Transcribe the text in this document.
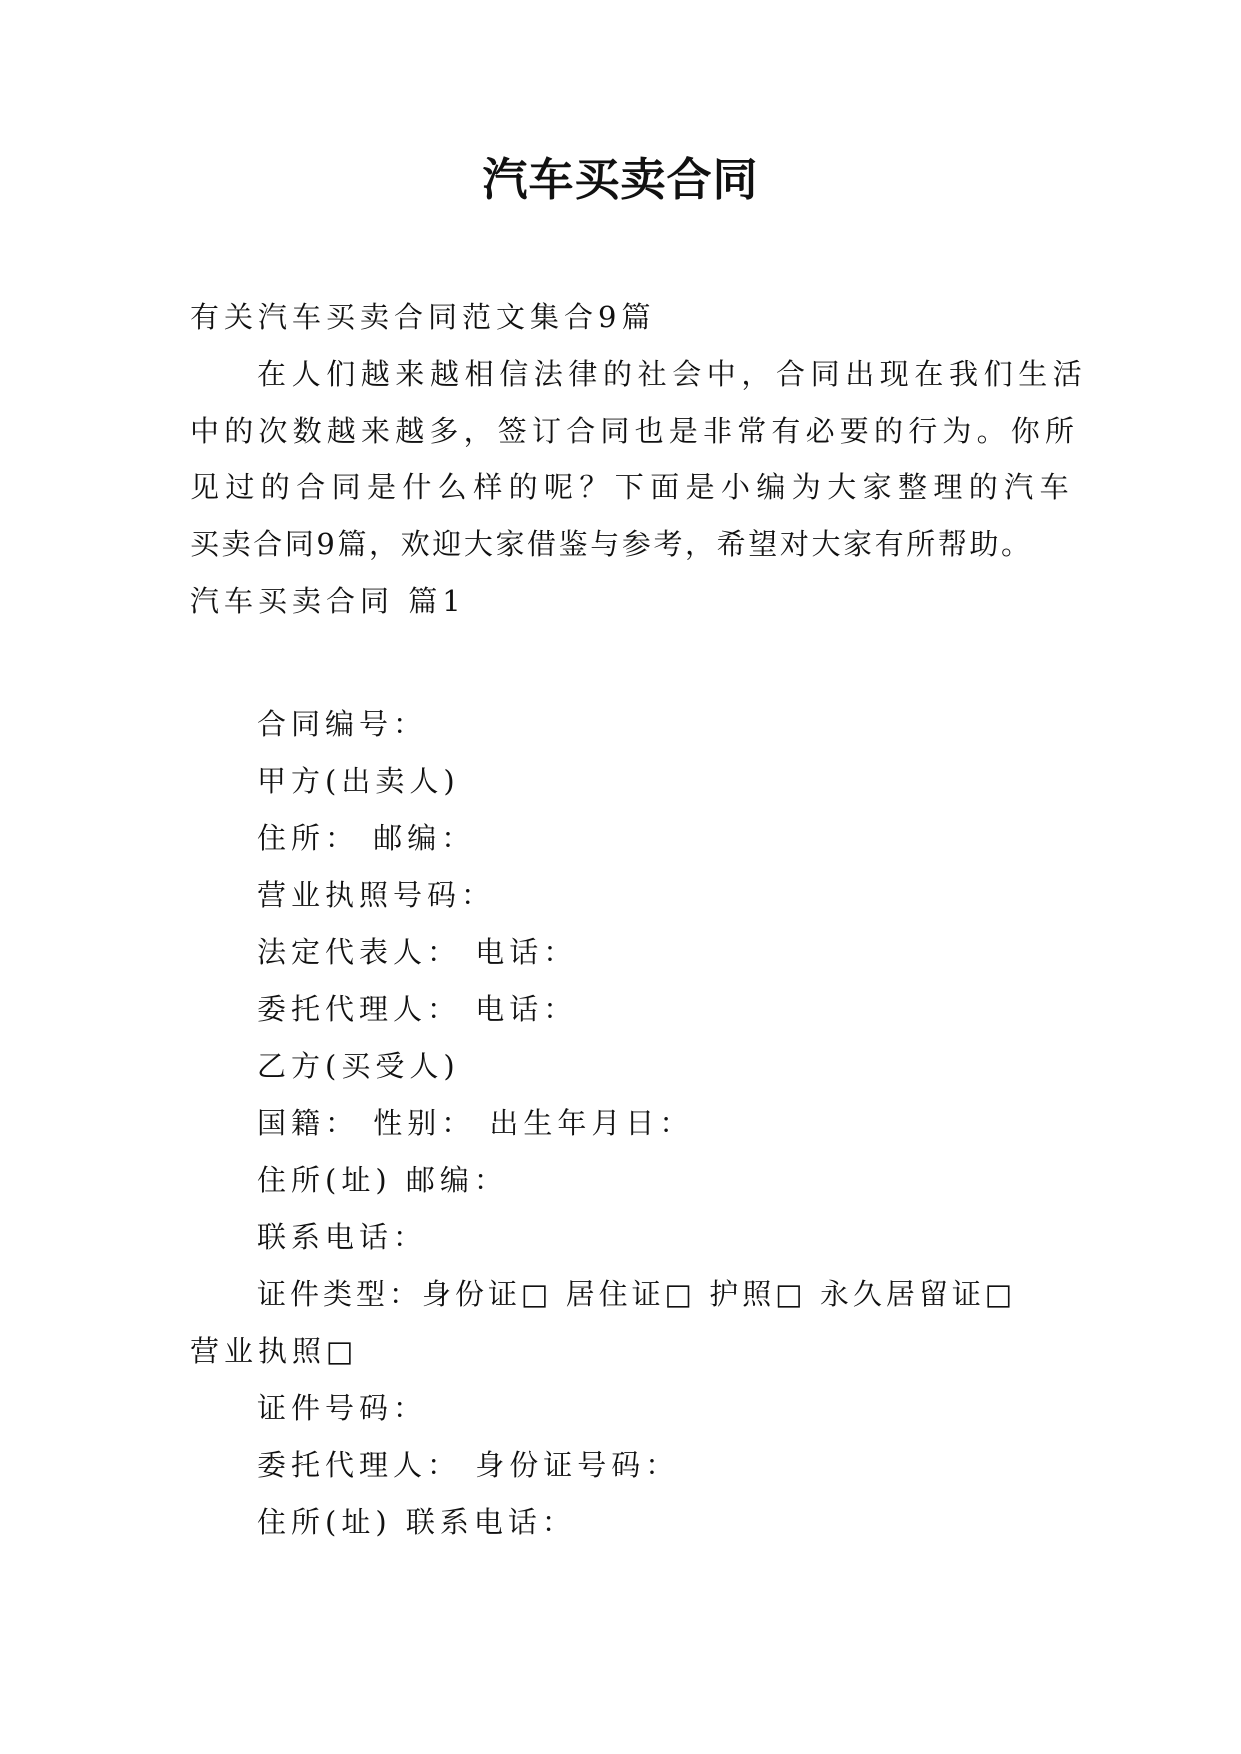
汽车买卖合同
有关汽车买卖合同范文集合9篇
在人们越来越相信法律的社会中，合同出现在我们生活
中的次数越来越多，签订合同也是非常有必要的行为。你所
见过的合同是什么样的呢？下面是小编为大家整理的汽车
买卖合同9篇，欢迎大家借鉴与参考，希望对大家有所帮助。
汽车买卖合同 篇1
合同编号：
甲方(出卖人)
住所： 邮编：
营业执照号码：
法定代表人： 电话：
委托代理人： 电话：
乙方(买受人)
国籍： 性别： 出生年月日：
住所(址) 邮编：
联系电话：
证件类型：身份证□ 居住证□ 护照□ 永久居留证□
营业执照□
证件号码：
委托代理人： 身份证号码：
住所(址) 联系电话：
